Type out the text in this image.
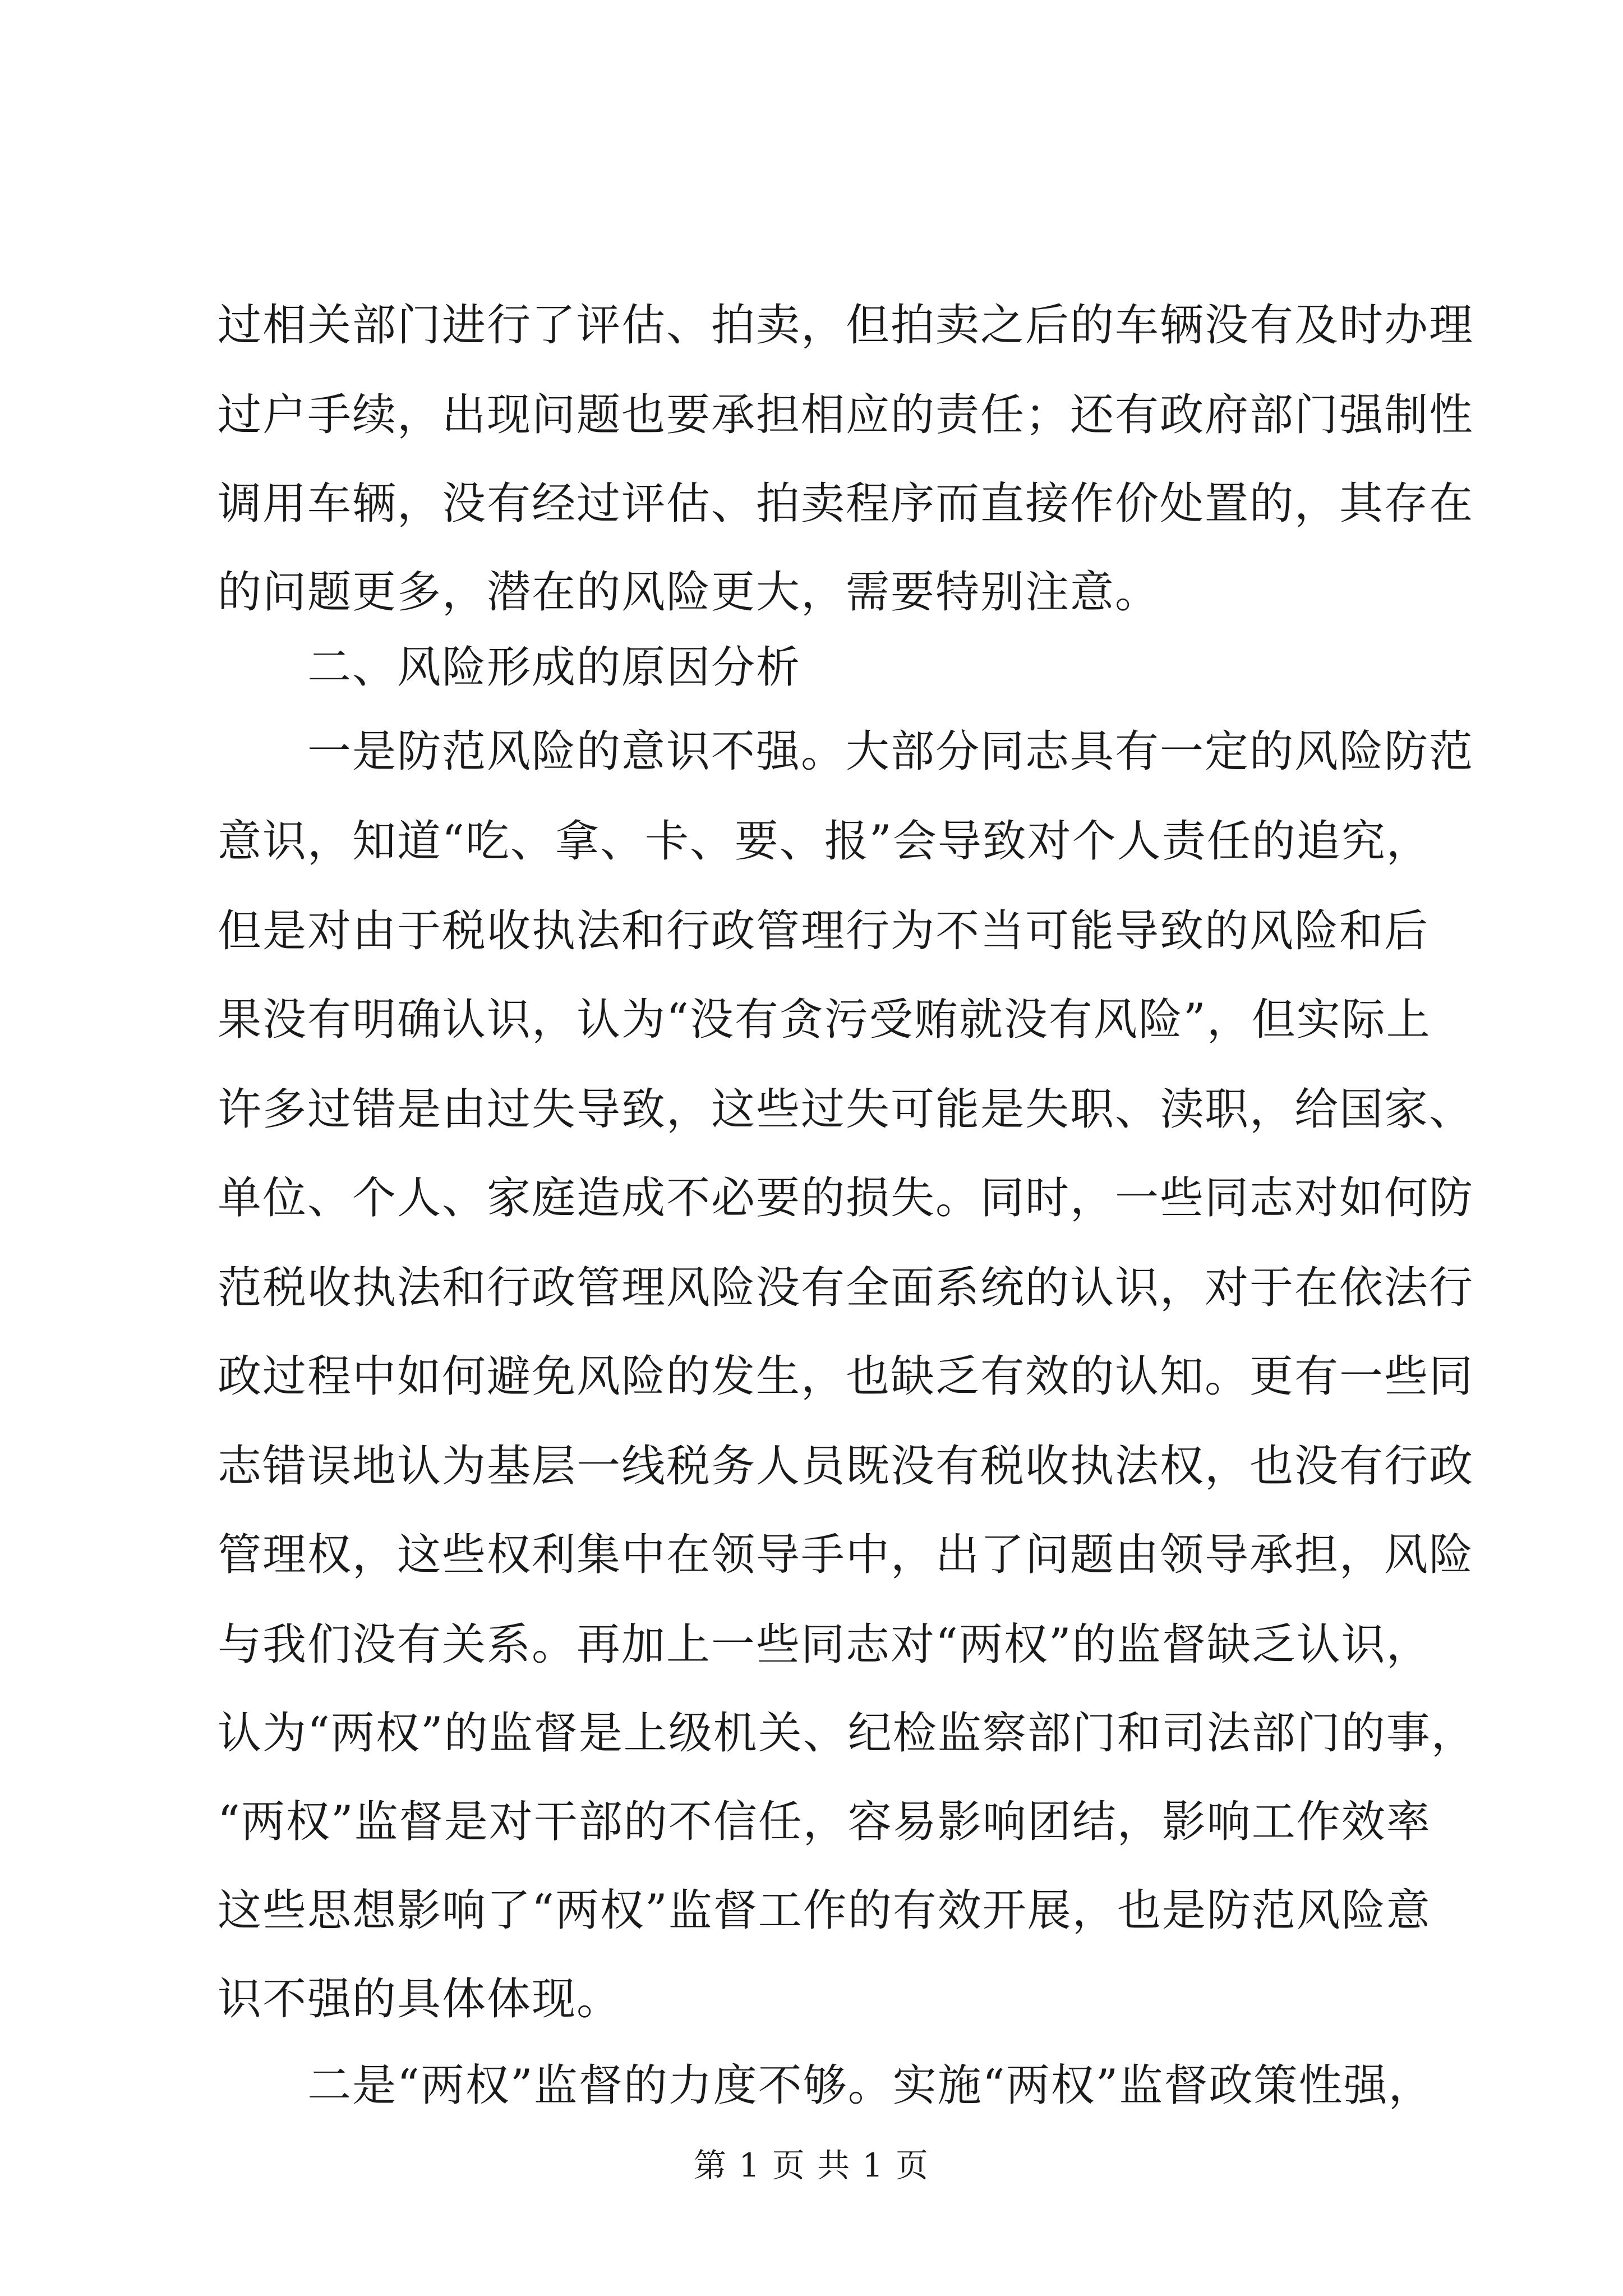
过相关部门进行了评估、拍卖，但拍卖之后的车辆没有及时办理
过户手续，出现问题也要承担相应的责任；还有政府部门强制性
调用车辆，没有经过评估、拍卖程序而直接作价处置的，其存在
的问题更多，潜在的风险更大，需要特别注意。
二、风险形成的原因分析
一是防范风险的意识不强。大部分同志具有一定的风险防范
意识，知道“吃、拿、卡、要、报”会导致对个人责任的追究，
但是对由于税收执法和行政管理行为不当可能导致的风险和后
果没有明确认识，认为“没有贪污受贿就没有风险”，但实际上
许多过错是由过失导致，这些过失可能是失职、渎职，给国家、
单位、个人、家庭造成不必要的损失。同时，一些同志对如何防
范税收执法和行政管理风险没有全面系统的认识，对于在依法行
政过程中如何避免风险的发生，也缺乏有效的认知。更有一些同
志错误地认为基层一线税务人员既没有税收执法权，也没有行政
管理权，这些权利集中在领导手中，出了问题由领导承担，风险
与我们没有关系。再加上一些同志对“两权”的监督缺乏认识，
认为“两权”的监督是上级机关、纪检监察部门和司法部门的事，
“两权”监督是对干部的不信任，容易影响团结，影响工作效率
这些思想影响了“两权”监督工作的有效开展，也是防范风险意
识不强的具体体现。
二是“两权”监督的力度不够。实施“两权”监督政策性强，
第 1 页 共 1 页
